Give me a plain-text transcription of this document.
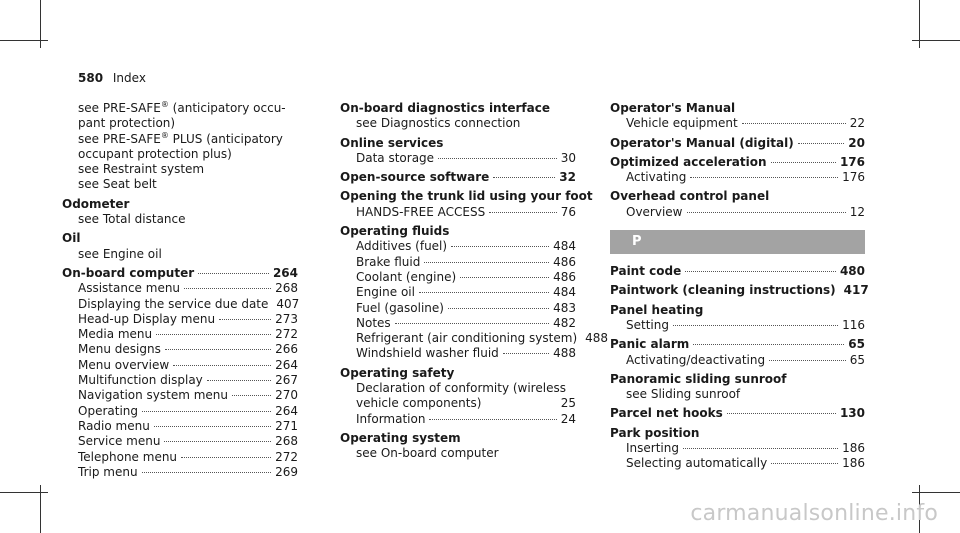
580 Index
see PRE-SAFE® (anticipatory occu-pant protection)
see PRE-SAFE® PLUS (anticipatory occupant protection plus)
see Restraint system
see Seat belt
Odometer
see Total distance
Oil
see Engine oil
On-board computer	264
Assistance menu	268
Displaying the service due date 407
Head-up Display menu	273
Media menu	272
Menu designs	266
Menu overview	264
Multifunction display	267
Navigation system menu	270
Operating	264
Radio menu	271
Service menu	268
Telephone menu	272
Trip menu	269
On-board diagnostics interface
see Diagnostics connection
Online services
Data storage	30
Open-source software	32
Opening the trunk lid using your foot
HANDS-FREE ACCESS	76
Operating fluids
Additives (fuel)	484
Brake fluid	486
Coolant (engine)	486
Engine oil	484
Fuel (gasoline)	483
Notes	482
Refrigerant (air conditioning system) 488
Windshield washer fluid	488
Operating safety
Declaration of conformity (wireless vehicle components)	25
Information	24
Operating system
see On-board computer
Operator's Manual
Vehicle equipment	22
Operator's Manual (digital)	20
Optimized acceleration	176
Activating	176
Overhead control panel
Overview	12
P
Paint code	480
Paintwork (cleaning instructions) 417
Panel heating
Setting	116
Panic alarm	65
Activating/deactivating	65
Panoramic sliding sunroof
see Sliding sunroof
Parcel net hooks	130
Park position
Inserting	186
Selecting automatically	186
carmanualsonline.info
